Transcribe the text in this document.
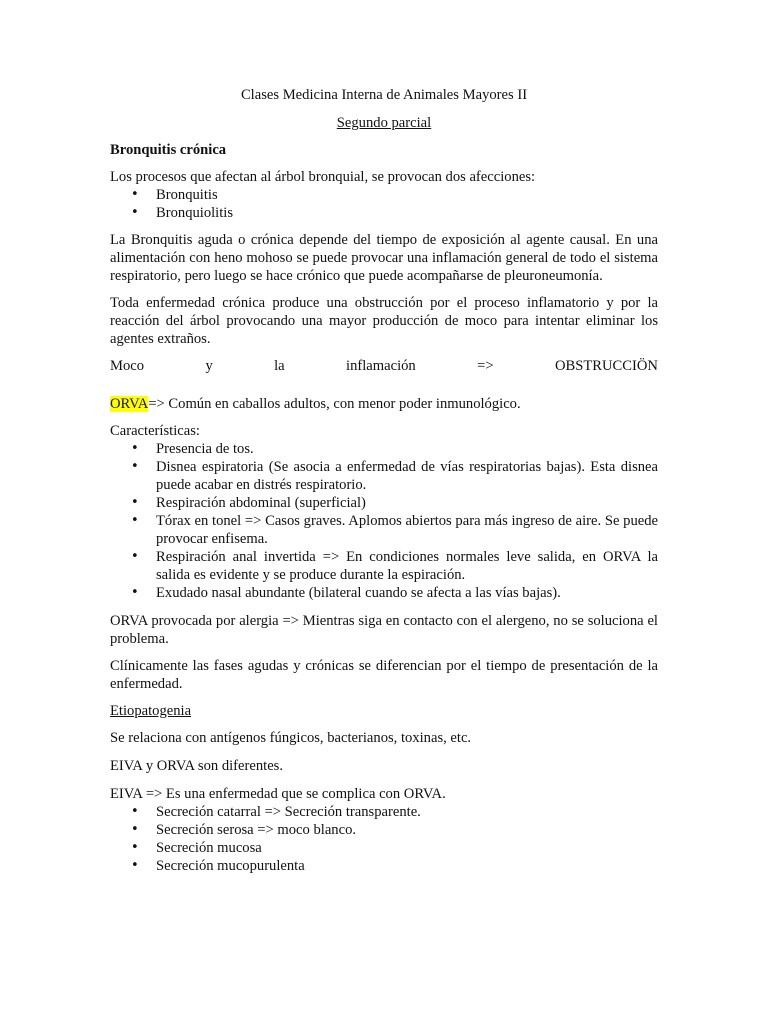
Clases Medicina Interna de Animales Mayores II

Segundo parcial

Bronquitis crónica

Los procesos que afectan al árbol bronquial, se provocan dos afecciones:

• Bronquitis
• Bronquiolitis

La Bronquitis aguda o crónica depende del tiempo de exposición al agente causal. En una alimentación con heno mohoso se puede provocar una inflamación general de todo el sistema respiratorio, pero luego se hace crónico que puede acompañarse de pleuroneumonía.

Toda enfermedad crónica produce una obstrucción por el proceso inflamatorio y por la reacción del árbol provocando una mayor producción de moco para intentar eliminar los agentes extraños.

Moco	y	la	inflamación	=>	OBSTRUCCIÖN

ORVA=> Común en caballos adultos, con menor poder inmunológico.

Características:

• Presencia de tos.
• Disnea espiratoria (Se asocia a enfermedad de vías respiratorias bajas). Esta disnea puede acabar en distrés respiratorio.
• Respiración abdominal (superficial)
• Tórax en tonel => Casos graves. Aplomos abiertos para más ingreso de aire. Se puede provocar enfisema.
• Respiración anal invertida => En condiciones normales leve salida, en ORVA la salida es evidente y se produce durante la espiración.
• Exudado nasal abundante (bilateral cuando se afecta a las vías bajas).

ORVA provocada por alergia => Mientras siga en contacto con el alergeno, no se soluciona el problema.

Clínicamente las fases agudas y crónicas se diferencian por el tiempo de presentación de la enfermedad.

Etiopatogenia

Se relaciona con antígenos fúngicos, bacterianos, toxinas, etc.

EIVA y ORVA son diferentes.

EIVA => Es una enfermedad que se complica con ORVA.

• Secreción catarral => Secreción transparente.
• Secreción serosa => moco blanco.
• Secreción mucosa
• Secreción mucopurulenta
